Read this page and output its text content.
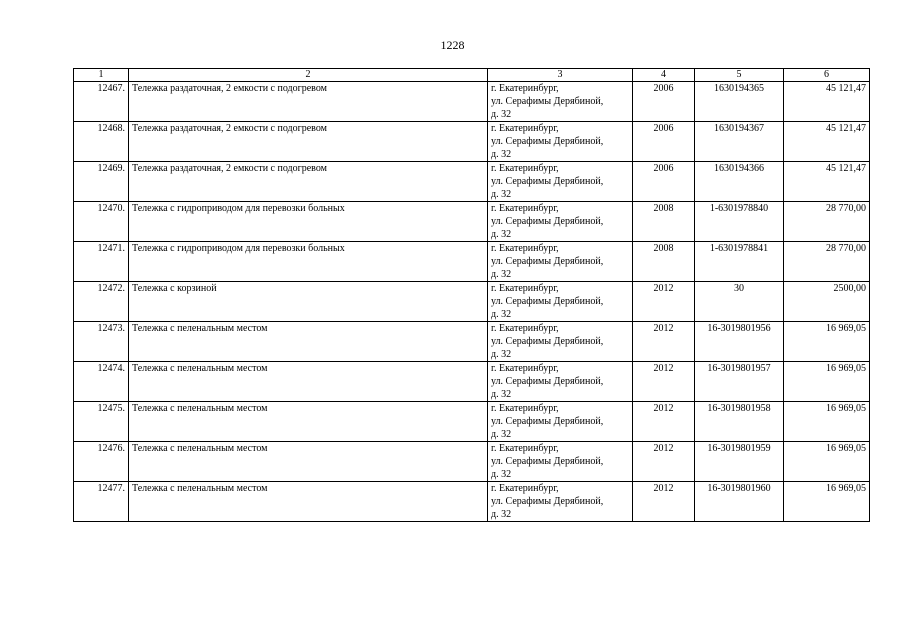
1228
1	2	3	4	5	6
12467.	Тележка раздаточная, 2 емкости с подогревом	г. Екатеринбург,
ул. Серафимы Дерябиной,
д. 32	2006	1630194365	45 121,47
12468.	Тележка раздаточная, 2 емкости с подогревом	г. Екатеринбург,
ул. Серафимы Дерябиной,
д. 32	2006	1630194367	45 121,47
12469.	Тележка раздаточная, 2 емкости с подогревом	г. Екатеринбург,
ул. Серафимы Дерябиной,
д. 32	2006	1630194366	45 121,47
12470.	Тележка с гидроприводом для перевозки больных	г. Екатеринбург,
ул. Серафимы Дерябиной,
д. 32	2008	1-6301978840	28 770,00
12471.	Тележка с гидроприводом для перевозки больных	г. Екатеринбург,
ул. Серафимы Дерябиной,
д. 32	2008	1-6301978841	28 770,00
12472.	Тележка с корзиной	г. Екатеринбург,
ул. Серафимы Дерябиной,
д. 32	2012	30	2500,00
12473.	Тележка с пеленальным местом	г. Екатеринбург,
ул. Серафимы Дерябиной,
д. 32	2012	16-3019801956	16 969,05
12474.	Тележка с пеленальным местом	г. Екатеринбург,
ул. Серафимы Дерябиной,
д. 32	2012	16-3019801957	16 969,05
12475.	Тележка с пеленальным местом	г. Екатеринбург,
ул. Серафимы Дерябиной,
д. 32	2012	16-3019801958	16 969,05
12476.	Тележка с пеленальным местом	г. Екатеринбург,
ул. Серафимы Дерябиной,
д. 32	2012	16-3019801959	16 969,05
12477.	Тележка с пеленальным местом	г. Екатеринбург,
ул. Серафимы Дерябиной,
д. 32	2012	16-3019801960	16 969,05
